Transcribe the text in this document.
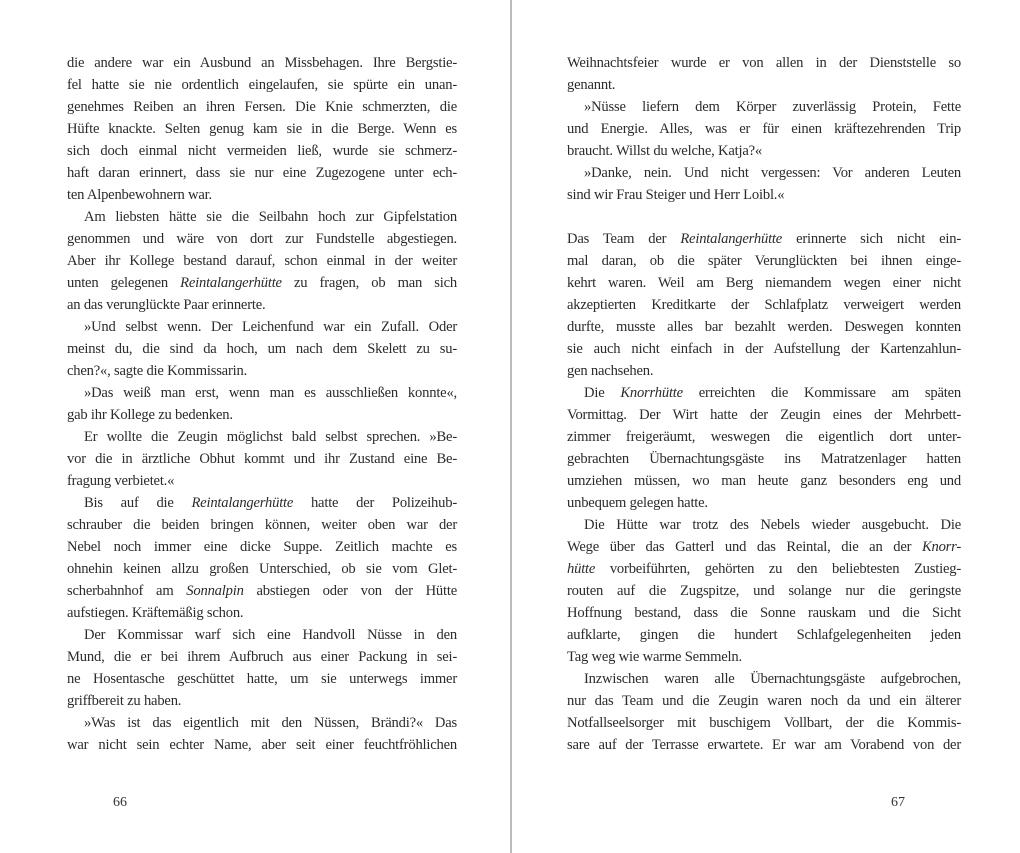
die andere war ein Ausbund an Missbehagen. Ihre Bergstie-
fel hatte sie nie ordentlich eingelaufen, sie spürte ein unan-
genehmes Reiben an ihren Fersen. Die Knie schmerzten, die
Hüfte knackte. Selten genug kam sie in die Berge. Wenn es
sich doch einmal nicht vermeiden ließ, wurde sie schmerz-
haft daran erinnert, dass sie nur eine Zugezogene unter ech-
ten Alpenbewohnern war.
Am liebsten hätte sie die Seilbahn hoch zur Gipfelstation
genommen und wäre von dort zur Fundstelle abgestiegen.
Aber ihr Kollege bestand darauf, schon einmal in der weiter
unten gelegenen Reintalangerhütte zu fragen, ob man sich
an das verunglückte Paar erinnerte.
»Und selbst wenn. Der Leichenfund war ein Zufall. Oder
meinst du, die sind da hoch, um nach dem Skelett zu su-
chen?«, sagte die Kommissarin.
»Das weiß man erst, wenn man es ausschließen konnte«,
gab ihr Kollege zu bedenken.
Er wollte die Zeugin möglichst bald selbst sprechen. »Be-
vor die in ärztliche Obhut kommt und ihr Zustand eine Be-
fragung verbietet.«
Bis auf die Reintalangerhütte hatte der Polizeihub-
schrauber die beiden bringen können, weiter oben war der
Nebel noch immer eine dicke Suppe. Zeitlich machte es
ohnehin keinen allzu großen Unterschied, ob sie vom Glet-
scherbahnhof am Sonnalpin abstiegen oder von der Hütte
aufstiegen. Kräftemäßig schon.
Der Kommissar warf sich eine Handvoll Nüsse in den
Mund, die er bei ihrem Aufbruch aus einer Packung in sei-
ne Hosentasche geschüttet hatte, um sie unterwegs immer
griffbereit zu haben.
»Was ist das eigentlich mit den Nüssen, Brändi?« Das
war nicht sein echter Name, aber seit einer feuchtfröhlichen
66
Weihnachtsfeier wurde er von allen in der Dienststelle so
genannt.
»Nüsse liefern dem Körper zuverlässig Protein, Fette
und Energie. Alles, was er für einen kräftezehrenden Trip
braucht. Willst du welche, Katja?«
»Danke, nein. Und nicht vergessen: Vor anderen Leuten
sind wir Frau Steiger und Herr Loibl.«
Das Team der Reintalangerhütte erinnerte sich nicht ein-
mal daran, ob die später Verunglückten bei ihnen einge-
kehrt waren. Weil am Berg niemandem wegen einer nicht
akzeptierten Kreditkarte der Schlafplatz verweigert werden
durfte, musste alles bar bezahlt werden. Deswegen konnten
sie auch nicht einfach in der Aufstellung der Kartenzahlun-
gen nachsehen.
Die Knorrhütte erreichten die Kommissare am späten
Vormittag. Der Wirt hatte der Zeugin eines der Mehrbett-
zimmer freigeräumt, weswegen die eigentlich dort unter-
gebrachten Übernachtungsgäste ins Matratzenlager hatten
umziehen müssen, wo man heute ganz besonders eng und
unbequem gelegen hatte.
Die Hütte war trotz des Nebels wieder ausgebucht. Die
Wege über das Gatterl und das Reintal, die an der Knorr-
hütte vorbeiführten, gehörten zu den beliebtesten Zustieg-
routen auf die Zugspitze, und solange nur die geringste
Hoffnung bestand, dass die Sonne rauskam und die Sicht
aufklarte, gingen die hundert Schlafgelegenheiten jeden
Tag weg wie warme Semmeln.
Inzwischen waren alle Übernachtungsgäste aufgebrochen,
nur das Team und die Zeugin waren noch da und ein älterer
Notfallseelsorger mit buschigem Vollbart, der die Kommis-
sare auf der Terrasse erwartete. Er war am Vorabend von der
67
